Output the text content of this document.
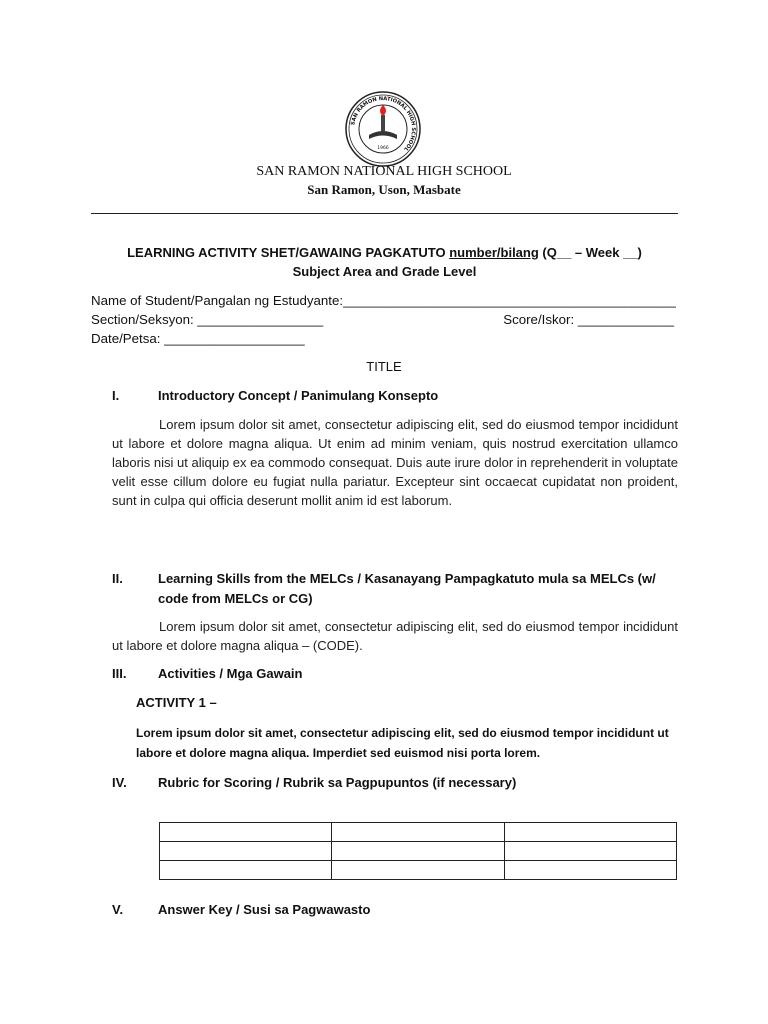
SAN RAMON NATIONAL HIGH SCHOOL
1966
SAN RAMON NATIONAL HIGH SCHOOL
San Ramon, Uson, Masbate
LEARNING ACTIVITY SHET/GAWAING PAGKATUTO number/bilang (Q__ – Week __)
Subject Area and Grade Level
Name of Student/Pangalan ng Estudyante:_____________________________________________
Section/Seksyon: _________________	Score/Iskor: _____________
Date/Petsa: ___________________
TITLE
I.	Introductory Concept / Panimulang Konsepto
Lorem ipsum dolor sit amet, consectetur adipiscing elit, sed do eiusmod tempor incididunt ut labore et dolore magna aliqua. Ut enim ad minim veniam, quis nostrud exercitation ullamco laboris nisi ut aliquip ex ea commodo consequat. Duis aute irure dolor in reprehenderit in voluptate velit esse cillum dolore eu fugiat nulla pariatur. Excepteur sint occaecat cupidatat non proident, sunt in culpa qui officia deserunt mollit anim id est laborum.
II.	Learning Skills from the MELCs / Kasanayang Pampagkatuto mula sa MELCs (w/ code from MELCs or CG)
Lorem ipsum dolor sit amet, consectetur adipiscing elit, sed do eiusmod tempor incididunt ut labore et dolore magna aliqua – (CODE).
III. Activities / Mga Gawain
ACTIVITY 1 –
Lorem ipsum dolor sit amet, consectetur adipiscing elit, sed do eiusmod tempor incididunt ut labore et dolore magna aliqua. Imperdiet sed euismod nisi porta lorem.
IV. Rubric for Scoring / Rubrik sa Pagpupuntos (if necessary)

V.	Answer Key / Susi sa Pagwawasto
